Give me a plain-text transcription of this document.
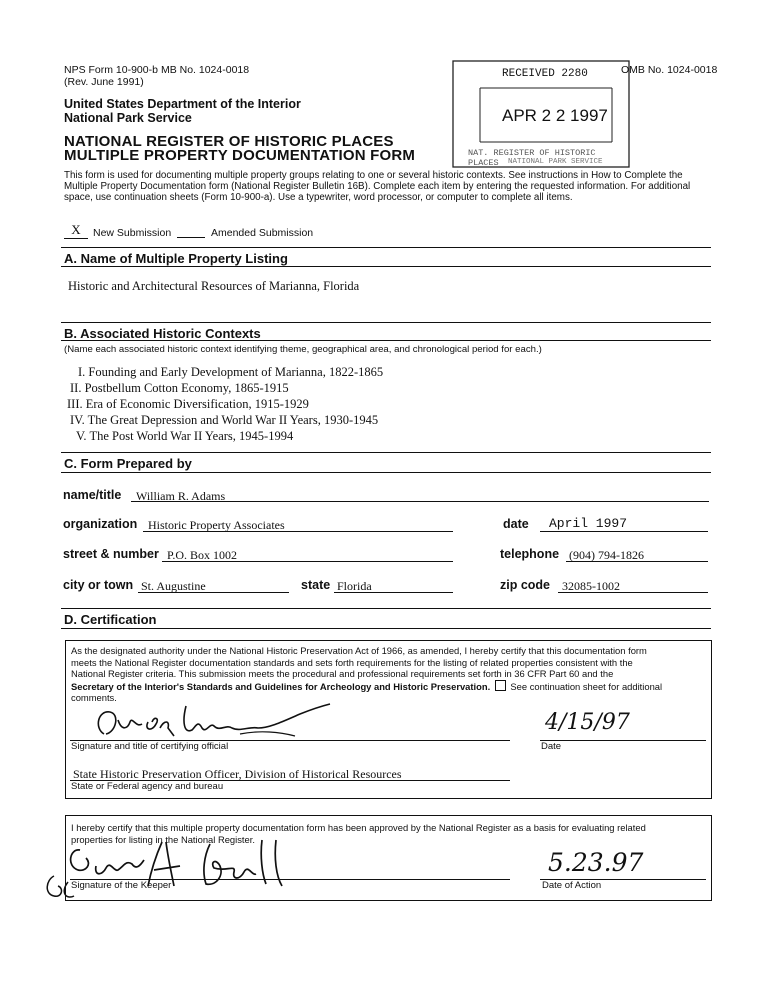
NPS Form 10-900-b MB No. 1024-0018
(Rev. June 1991)
OMB No. 1024-0018
United States Department of the Interior
National Park Service
NATIONAL REGISTER OF HISTORIC PLACES
MULTIPLE PROPERTY DOCUMENTATION FORM
This form is used for documenting multiple property groups relating to one or several historic contexts. See instructions in How to Complete the Multiple Property Documentation form (National Register Bulletin 16B). Complete each item by entering the requested information. For additional space, use continuation sheets (Form 10-900-a). Use a typewriter, word processor, or computer to complete all items.
RECEIVED 2280
APR 2 2 1997
NAT. REGISTER OF HISTORIC PLACES	NATIONAL PARK SERVICE
X	New Submission	Amended Submission
A. Name of Multiple Property Listing
Historic and Architectural Resources of Marianna, Florida
B. Associated Historic Contexts
(Name each associated historic context identifying theme, geographical area, and chronological period for each.)
I. Founding and Early Development of Marianna, 1822-1865
II. Postbellum Cotton Economy, 1865-1915
III. Era of Economic Diversification, 1915-1929
IV. The Great Depression and World War II Years, 1930-1945
V. The Post World War II Years, 1945-1994
C. Form Prepared by
name/title William R. Adams
organization Historic Property Associates	date April 1997
street & number P.O. Box 1002	telephone (904) 794-1826
city or town St. Augustine	state Florida	zip code 32085-1002
D. Certification
As the designated authority under the National Historic Preservation Act of 1966, as amended, I hereby certify that this documentation form
meets the National Register documentation standards and sets forth requirements for the listing of related properties consistent with the
National Register criteria. This submission meets the procedural and professional requirements set forth in 36 CFR Part 60 and the
Secretary of the Interior's Standards and Guidelines for Archeology and Historic Preservation. See continuation sheet for additional
comments.
Signature and title of certifying official
4/15/97
Date
State Historic Preservation Officer, Division of Historical Resources
State or Federal agency and bureau
I hereby certify that this multiple property documentation form has been approved by the National Register as a basis for evaluating related
properties for listing in the National Register.
Signature of the Keeper
5.23.97
Date of Action
